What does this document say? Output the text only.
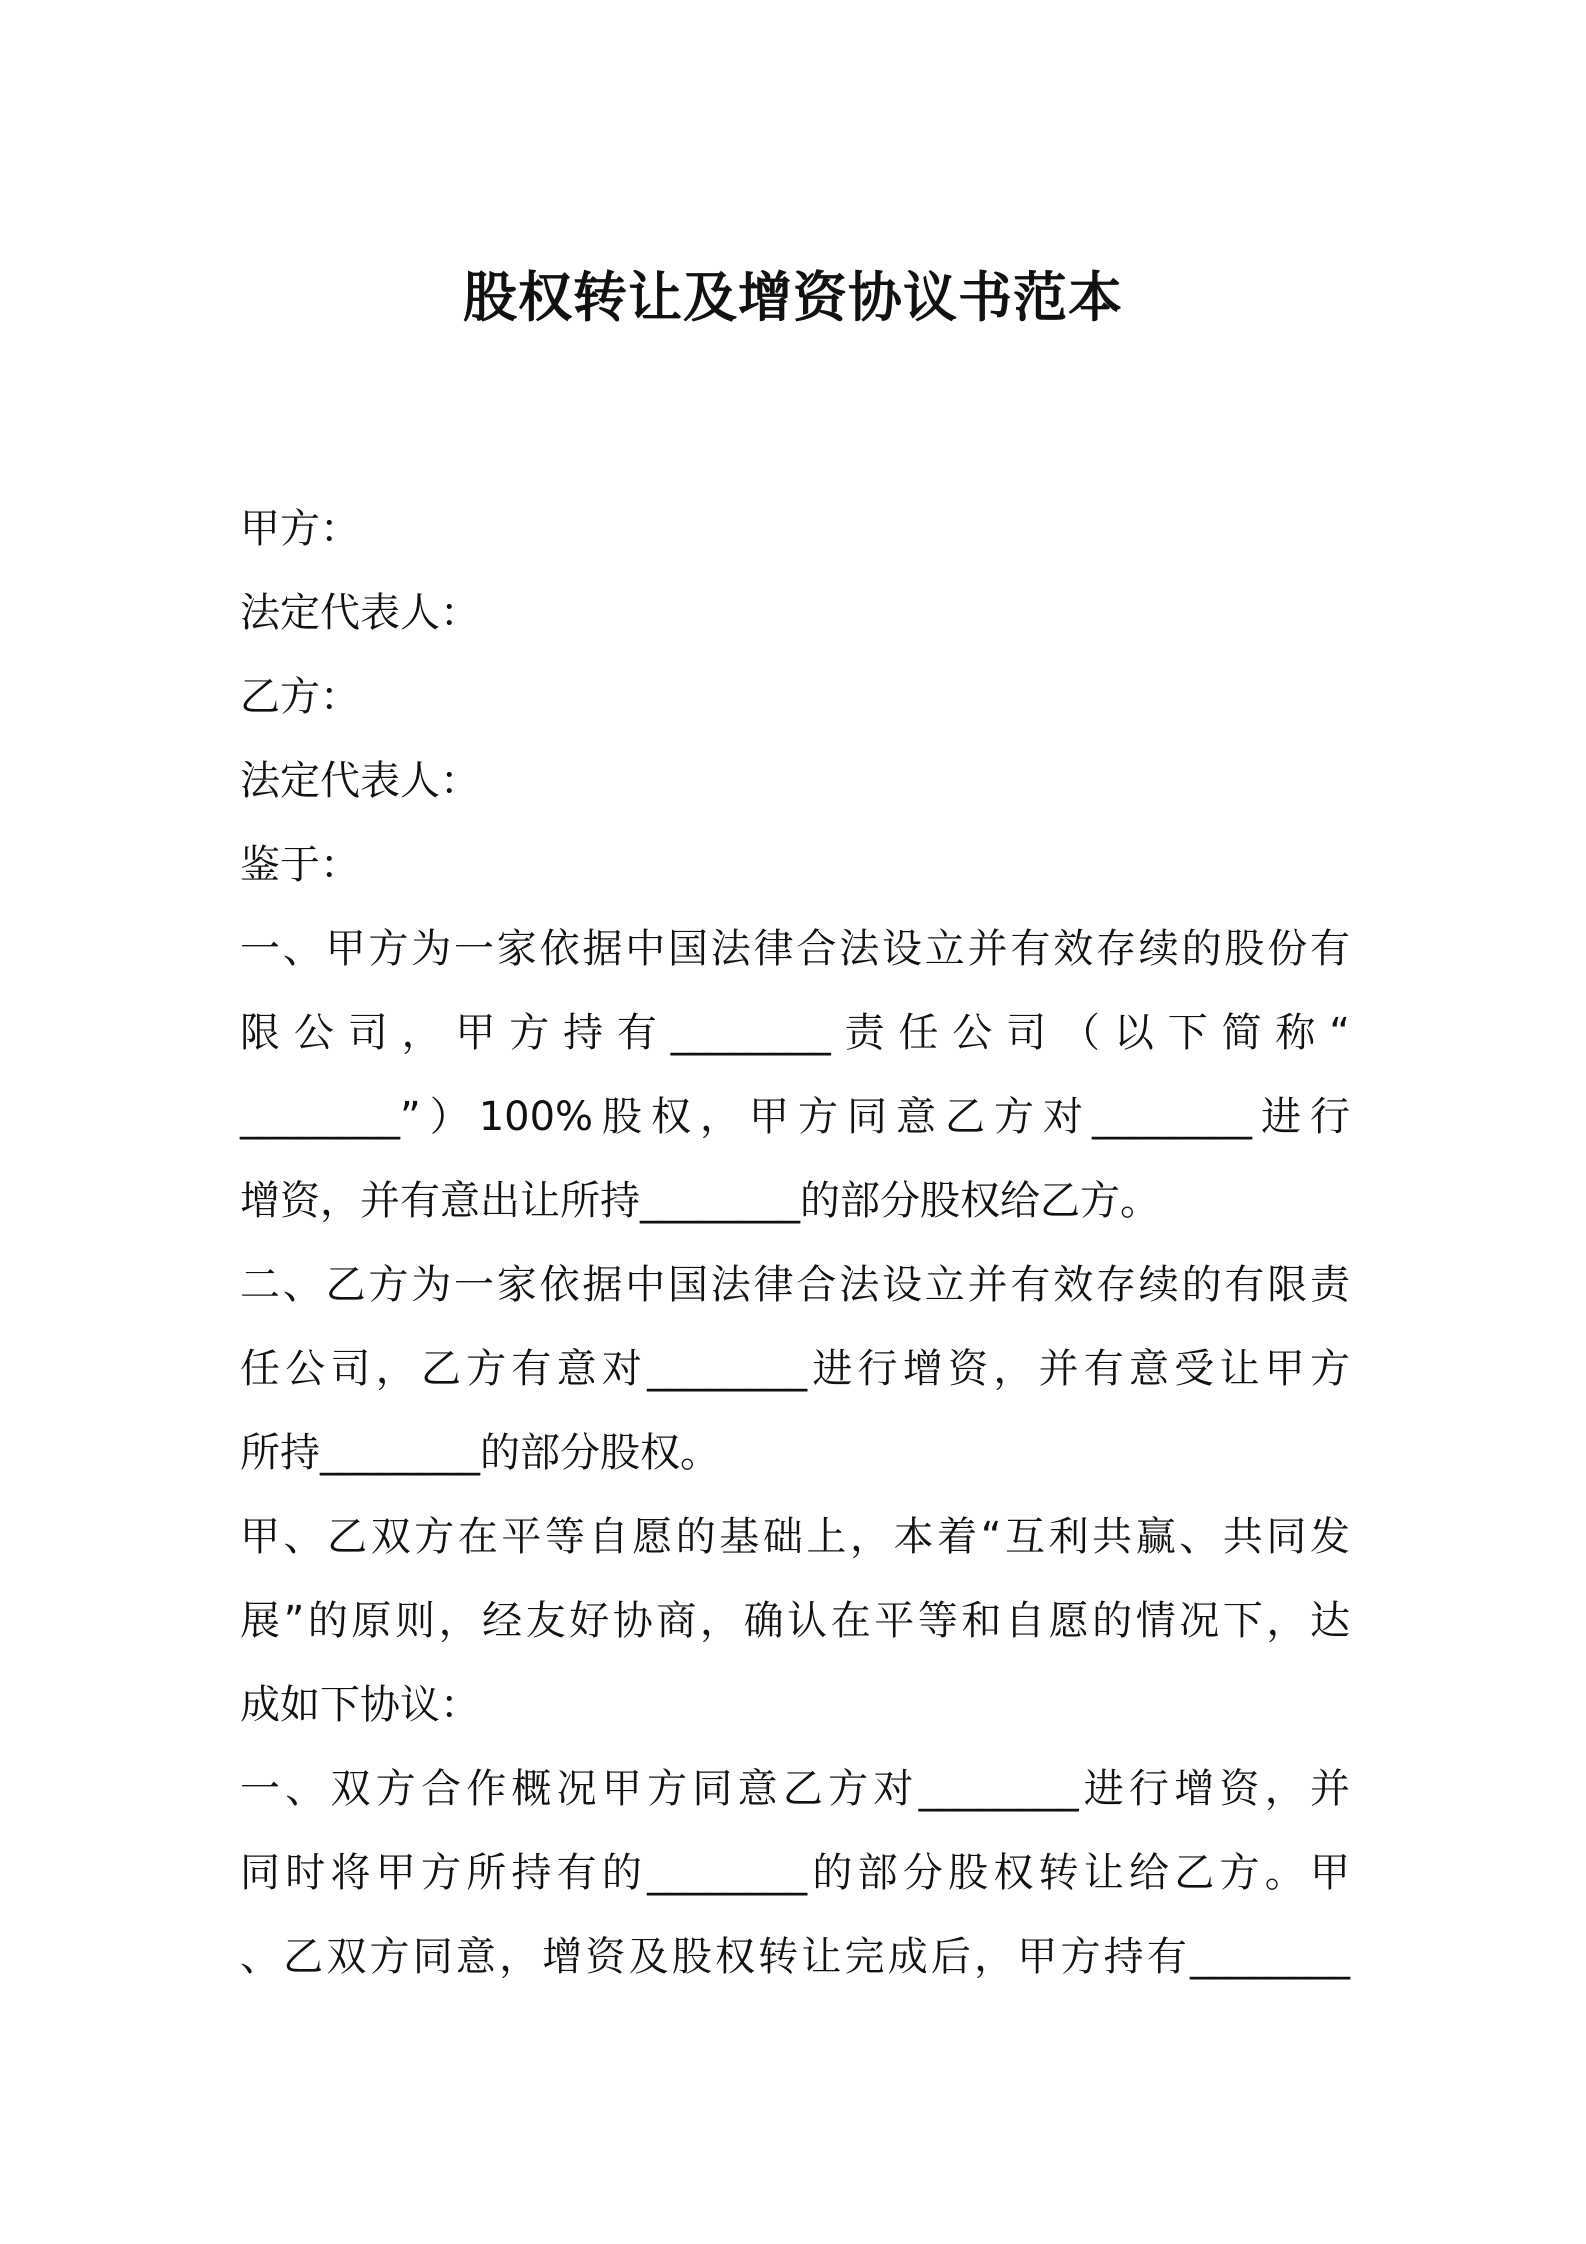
股权转让及增资协议书范本
甲方：
法定代表人：
乙方：
法定代表人：
鉴于：
一、甲方为一家依据中国法律合法设立并有效存续的股份有
限公司，甲方持有________责任公司（以下简称“
________”）100%股权，甲方同意乙方对________进行
增资，并有意出让所持________的部分股权给乙方。
二、乙方为一家依据中国法律合法设立并有效存续的有限责
任公司，乙方有意对________进行增资，并有意受让甲方
所持________的部分股权。
甲、乙双方在平等自愿的基础上，本着“互利共赢、共同发
展”的原则，经友好协商，确认在平等和自愿的情况下，达
成如下协议：
一、双方合作概况甲方同意乙方对________进行增资，并
同时将甲方所持有的________的部分股权转让给乙方。甲
、乙双方同意，增资及股权转让完成后，甲方持有________
